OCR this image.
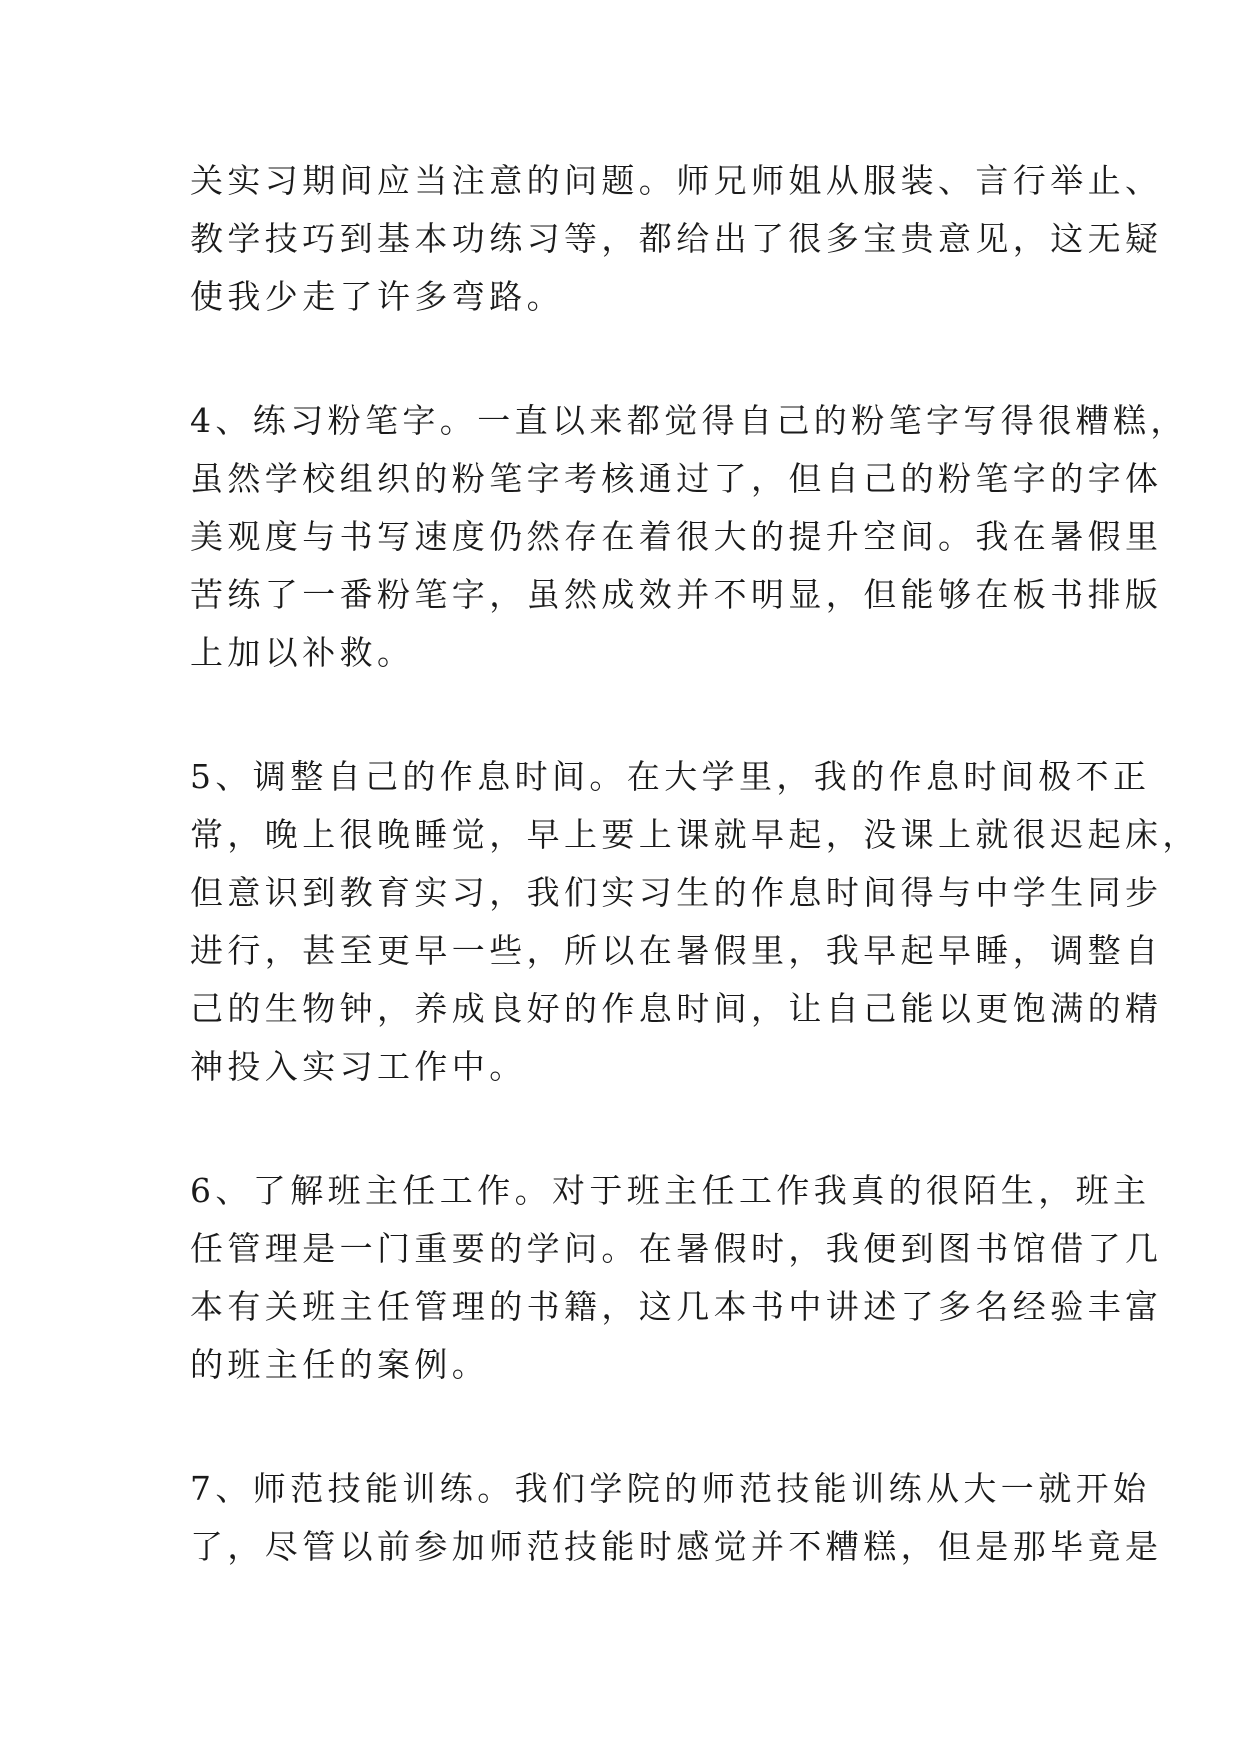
关实习期间应当注意的问题。师兄师姐从服装、言行举止、
教学技巧到基本功练习等，都给出了很多宝贵意见，这无疑
使我少走了许多弯路。
4、练习粉笔字。一直以来都觉得自己的粉笔字写得很糟糕，
虽然学校组织的粉笔字考核通过了，但自己的粉笔字的字体
美观度与书写速度仍然存在着很大的提升空间。我在暑假里
苦练了一番粉笔字，虽然成效并不明显，但能够在板书排版
上加以补救。
5、调整自己的作息时间。在大学里，我的作息时间极不正
常，晚上很晚睡觉，早上要上课就早起，没课上就很迟起床，
但意识到教育实习，我们实习生的作息时间得与中学生同步
进行，甚至更早一些，所以在暑假里，我早起早睡，调整自
己的生物钟，养成良好的作息时间，让自己能以更饱满的精
神投入实习工作中。
6、了解班主任工作。对于班主任工作我真的很陌生，班主
任管理是一门重要的学问。在暑假时，我便到图书馆借了几
本有关班主任管理的书籍，这几本书中讲述了多名经验丰富
的班主任的案例。
7、师范技能训练。我们学院的师范技能训练从大一就开始
了，尽管以前参加师范技能时感觉并不糟糕，但是那毕竟是
